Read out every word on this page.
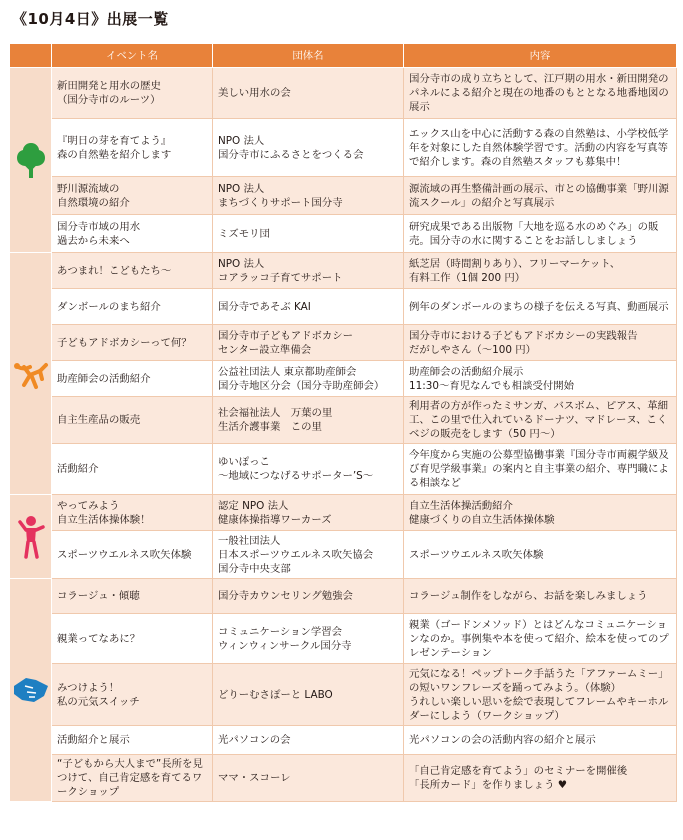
《10月4日》出展一覧
	イベント名	団体名	内容

	新田開発と用水の歴史
（国分寺市のルーツ）	美しい用水の会	国分寺市の成り立ちとして、江戸期の用水・新田開発のパネルによる紹介と現在の地番のもととなる地番地図の展示
	『明日の芽を育てよう』
森の自然塾を紹介します	NPO 法人
国分寺市にふるさとをつくる会	エックス山を中心に活動する森の自然塾は、小学校低学年を対象にした自然体験学習です。活動の内容を写真等で紹介します。森の自然塾スタッフも募集中！
	野川源流域の
自然環境の紹介	NPO 法人
まちづくりサポート国分寺	源流域の再生整備計画の展示、市との協働事業「野川源流スクール」の紹介と写真展示
	国分寺市域の用水
過去から未来へ	ミズモリ団	研究成果である出版物「大地を巡る水のめぐみ」の販売。国分寺の水に関することをお話ししましょう

	あつまれ！こどもたち～	NPO 法人
コアラッコ子育てサポート	紙芝居（時間割りあり）、フリーマーケット、
有料工作（1個 200 円）
	ダンボールのまち紹介	国分寺であそぶ KAI	例年のダンボールのまちの様子を伝える写真、動画展示
	子どもアドボカシーって何？	国分寺市子どもアドボカシー
センター設立準備会	国分寺市における子どもアドボカシーの実践報告
だがしやさん（～100 円）
	助産師会の活動紹介	公益社団法人 東京都助産師会
国分寺地区分会（国分寺助産師会）	助産師会の活動紹介展示
11:30～育児なんでも相談受付開始
	自主生産品の販売	社会福祉法人　万葉の里
生活介護事業　この里	利用者の方が作ったミサンガ、バスボム、ピアス、革細工、この里で仕入れているドーナツ、マドレーヌ、こくベジの販売をします（50 円～）
	活動紹介	ゆいぽっこ
～地域につなげるサポーター’S～	今年度から実施の公募型協働事業『国分寺市両親学級及び育児学級事業』の案内と自主事業の紹介、専門職による相談など

	やってみよう
自立生活体操体験！	認定 NPO 法人
健康体操指導ワーカーズ	自立生活体操活動紹介
健康づくりの自立生活体操体験
	スポーツウエルネス吹矢体験	一般社団法人
日本スポーツウエルネス吹矢協会
国分寺中央支部	スポーツウエルネス吹矢体験

	コラージュ・傾聴	国分寺カウンセリング勉強会	コラージュ制作をしながら、お話を楽しみましょう
	親業ってなあに？	コミュニケーション学習会
ウィンウィンサークル国分寺	親業（ゴードンメソッド）とはどんなコミュニケーションなのか。事例集や本を使って紹介、絵本を使ってのプレゼンテーション
	みつけよう！
私の元気スイッチ	どりーむさぽーと LABO	元気になる！ペップトーク手話うた「アファームミー」の短いワンフレーズを踊ってみよう。（体験）
うれしい楽しい思いを絵で表現してフレームやキーホルダーにしよう（ワークショップ）
	活動紹介と展示	光パソコンの会	光パソコンの会の活動内容の紹介と展示
	“子どもから大人まで”長所を見つけて、自己肯定感を育てるワークショップ	ママ・スコーレ	「自己肯定感を育てよう」のセミナーを開催後
「長所カード」を作りましょう ♥
